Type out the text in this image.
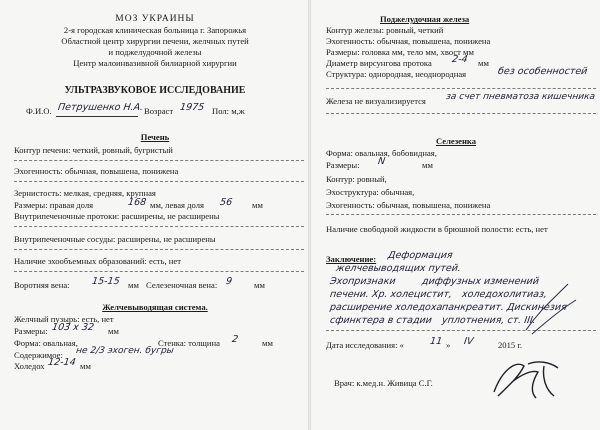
МОЗ УКРАИНЫ
2-я городская клиническая больница г. Запорожья
Областной центр хирургии печени, желчных путей
и поджелудочной железы
Центр малоинвазивной билиарной хирургии
УЛЬТРАЗВУКОВОЕ ИССЛЕДОВАНИЕ
Ф.И.О. Петрушенко Н.А. Возраст 1975 Пол: м,ж
Печень
Контур печени: четкий, ровный, бугристый
Эхогенность: обычная, повышена, понижена
Зернистость: мелкая, средняя, крупная
Размеры: правая доля	168 мм, левая доля 56 мм
Внутрипеченочные протоки: расширены, не расширены
Внутрипеченочные сосуды: расширены, не расширены
Наличие эхообъемных образований: есть, нет
Воротняя вена: 15-15 мм Селезеночная вена: 9 мм
Желчевыводящая система.
Желчный пузырь: есть, нет
Размеры: 103 х 32 мм
Форма: овальная,	Стенка: толщина 2	мм
Содержимое: не 2/3 эхоген. бугры
Холедох 12-14 мм
Поджелудочная железа
Контур железы: ровный, четкий
Эхогенность: обычная, повышена, понижена
Размеры: головка мм, тело мм, хвост мм
Диаметр вирсунгова протока 2-4 мм
Структура: однородная, неоднородная	без особенностей
Железа не визуализируется за счет пневматоза кишечника
Селезенка
Форма: овальная, бобовидная,
Размеры: N	мм
Контур: ровный,
Эхоструктура: обычная,
Эхогенность: обычная, повышена, понижена
Наличие свободной жидкости в брюшной полости: есть, нет
Заключение: Деформация
желчевыводящих путей.
Эхопризнаки	диффузных изменений
печени. Хр. холецистит, холедохолитиаз,
расширение холедоха
панкреатит. Дискинезия
сфинктера в стадии уплотнения, ст. III.
Дата исследования: «	11 » IV	2015 г.
Врач: к.мед.н. Живица С.Г.
